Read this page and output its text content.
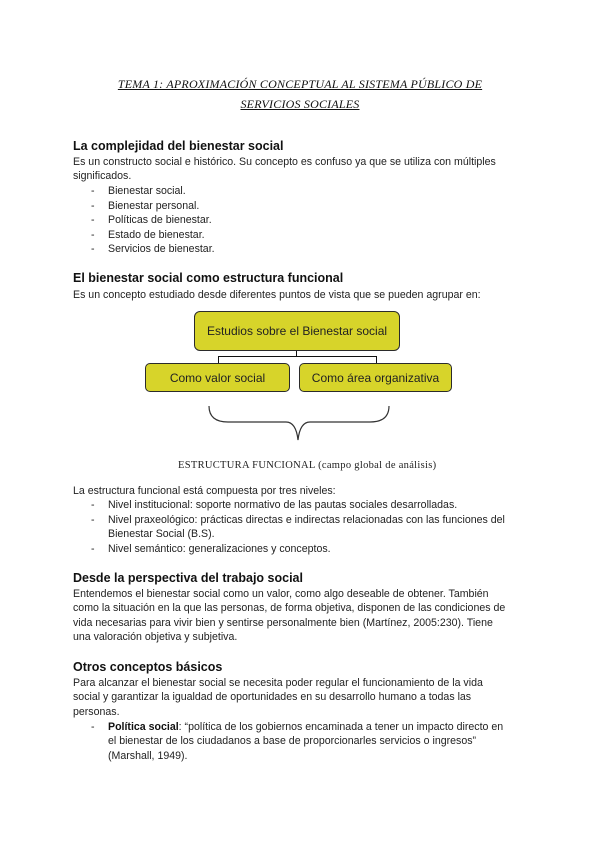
TEMA 1: APROXIMACIÓN CONCEPTUAL AL SISTEMA PÚBLICO DE
SERVICIOS SOCIALES
La complejidad del bienestar social
Es un constructo social e histórico. Su concepto es confuso ya que se utiliza con múltiples
significados.
- Bienestar social.
- Bienestar personal.
- Políticas de bienestar.
- Estado de bienestar.
- Servicios de bienestar.
El bienestar social como estructura funcional
Es un concepto estudiado desde diferentes puntos de vista que se pueden agrupar en:
Estudios sobre el Bienestar social
Como valor social	Como área organizativa
ESTRUCTURA FUNCIONAL (campo global de análisis)
La estructura funcional está compuesta por tres niveles:
- Nivel institucional: soporte normativo de las pautas sociales desarrolladas.
- Nivel praxeológico: prácticas directas e indirectas relacionadas con las funciones del
Bienestar Social (B.S).
- Nivel semántico: generalizaciones y conceptos.
Desde la perspectiva del trabajo social
Entendemos el bienestar social como un valor, como algo deseable de obtener. También
como la situación en la que las personas, de forma objetiva, disponen de las condiciones de
vida necesarias para vivir bien y sentirse personalmente bien (Martínez, 2005:230). Tiene
una valoración objetiva y subjetiva.
Otros conceptos básicos
Para alcanzar el bienestar social se necesita poder regular el funcionamiento de la vida
social y garantizar la igualdad de oportunidades en su desarrollo humano a todas las
personas.
- Política social: “política de los gobiernos encaminada a tener un impacto directo en
el bienestar de los ciudadanos a base de proporcionarles servicios o ingresos”
(Marshall, 1949).
